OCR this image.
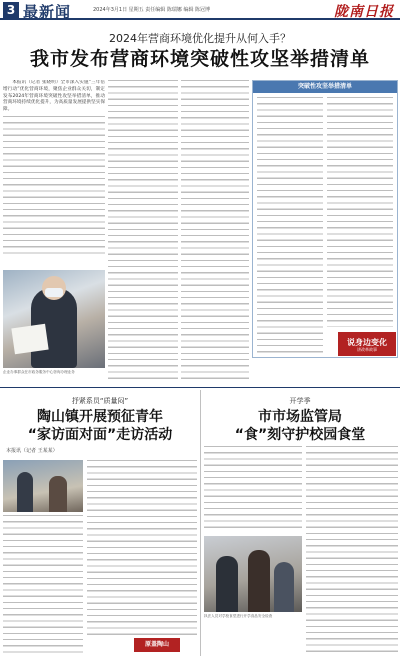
3 最新闻	2024年3月1日 星期五 责任编辑 陈瑞娜 编辑 陈冠博	陇南日报
2024年营商环境优化提升从何入手？
我市发布营商环境突破性攻坚举措清单

本报讯（记者 张晓明）全市深入实施“三年倍增行动”优化营商环境，聚焦企业群众关切，制定发布2024年营商环境突破性攻坚举措清单，推动营商环境持续优化提升，为高质量发展提供坚实保障。

企业办事群众在市政务服务中心咨询办理业务
突破性攻坚举措清单
说身边变化
讲改革故事
抒紧系员“质量闷”
陶山镇开展预征青年
“家访面对面”走访活动
本报讯（记者 王某某）
原盖陶山
开学季
市市场监管局
“食”刻守护校园食堂
执法人员对学校食堂进行开学食品安全检查
